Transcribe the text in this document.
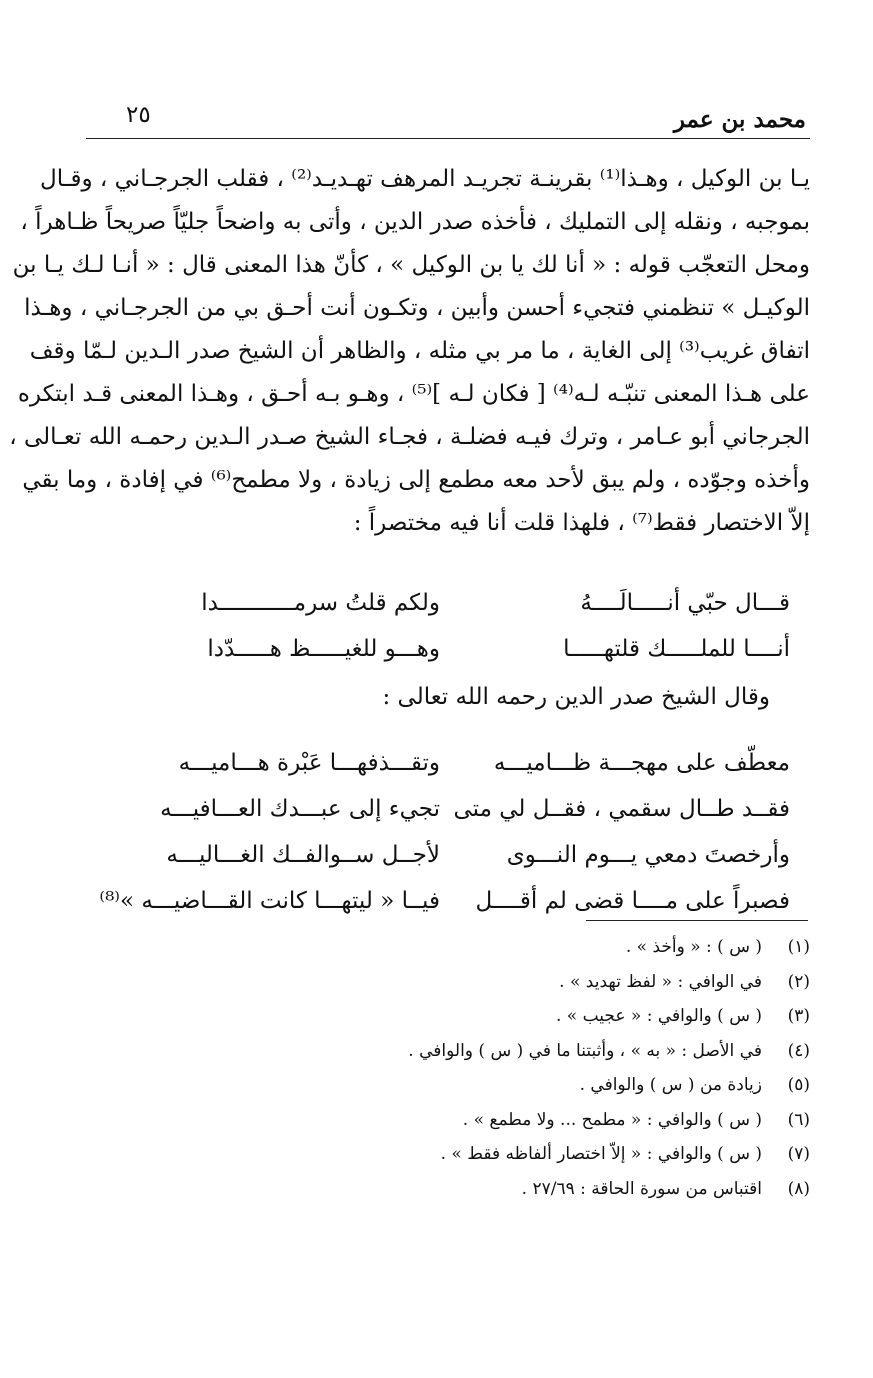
محمد بن عمر
٢٥
يـا بن الوكيل ، وهـذا⁽¹⁾ بقرينـة تجريـد المرهف تهـديـد⁽²⁾ ، فقلب الجرجـاني ، وقـال
بموجبه ، ونقله إلى التمليك ، فأخذه صدر الدين ، وأتى به واضحاً جليّاً صريحاً ظـاهراً ،
ومحل التعجّب قوله : « أنا لك يا بن الوكيل » ، كأنّ هذا المعنى قال : « أنـا لـك يـا بن
الوكيـل » تنظمني فتجيء أحسن وأبين ، وتكـون أنت أحـق بي من الجرجـاني ، وهـذا
اتفاق غريب⁽³⁾ إلى الغاية ، ما مر بي مثله ، والظاهر أن الشيخ صدر الـدين لـمّا وقف
على هـذا المعنى تنبّـه لـه⁽⁴⁾ [ فكان لـه ]⁽⁵⁾ ، وهـو بـه أحـق ، وهـذا المعنى قـد ابتكره
الجرجاني أبو عـامر ، وترك فيـه فضلـة ، فجـاء الشيخ صـدر الـدين رحمـه الله تعـالى ،
وأخذه وجوّده ، ولم يبق لأحد معه مطمع إلى زيادة ، ولا مطمح⁽⁶⁾ في إفادة ، وما بقي
إلاّ الاختصار فقط⁽⁷⁾ ، فلهذا قلت أنا فيه مختصراً :
قـــال حبّي أنـــــالَــــهُ
ولكم قلتُ سرمـــــــــــدا
أنــــا للملـــــك قلتهـــــا
وهـــو للغيـــــظ هـــــدّدا
وقال الشيخ صدر الدين رحمه الله تعالى :
معطّف على مهجـــة ظـــاميـــه
وتقـــذفهـــا عَبْرة هـــاميـــه
فقــد طــال سقمي ، فقــل لي متى
تجيء إلى عبـــدك العـــافيـــه
وأرخصتَ دمعي يـــوم النـــوى
لأجــل ســوالفــك الغـــاليـــه
فصبراً على مــــا قضى لم أقــــل
فيــا « ليتهـــا كانت القـــاضيـــه »⁽⁸⁾
(١)
( س ) : « وأخذ » .
(٢)
في الوافي : « لفظ تهديد » .
(٣)
( س ) والوافي : « عجيب » .
(٤)
في الأصل : « به » ، وأثبتنا ما في ( س ) والوافي .
(٥)
زيادة من ( س ) والوافي .
(٦)
( س ) والوافي : « مطمح ... ولا مطمع » .
(٧)
( س ) والوافي : « إلاّ اختصار ألفاظه فقط » .
(٨)
اقتباس من سورة الحاقة : ٢٧/٦٩ .
